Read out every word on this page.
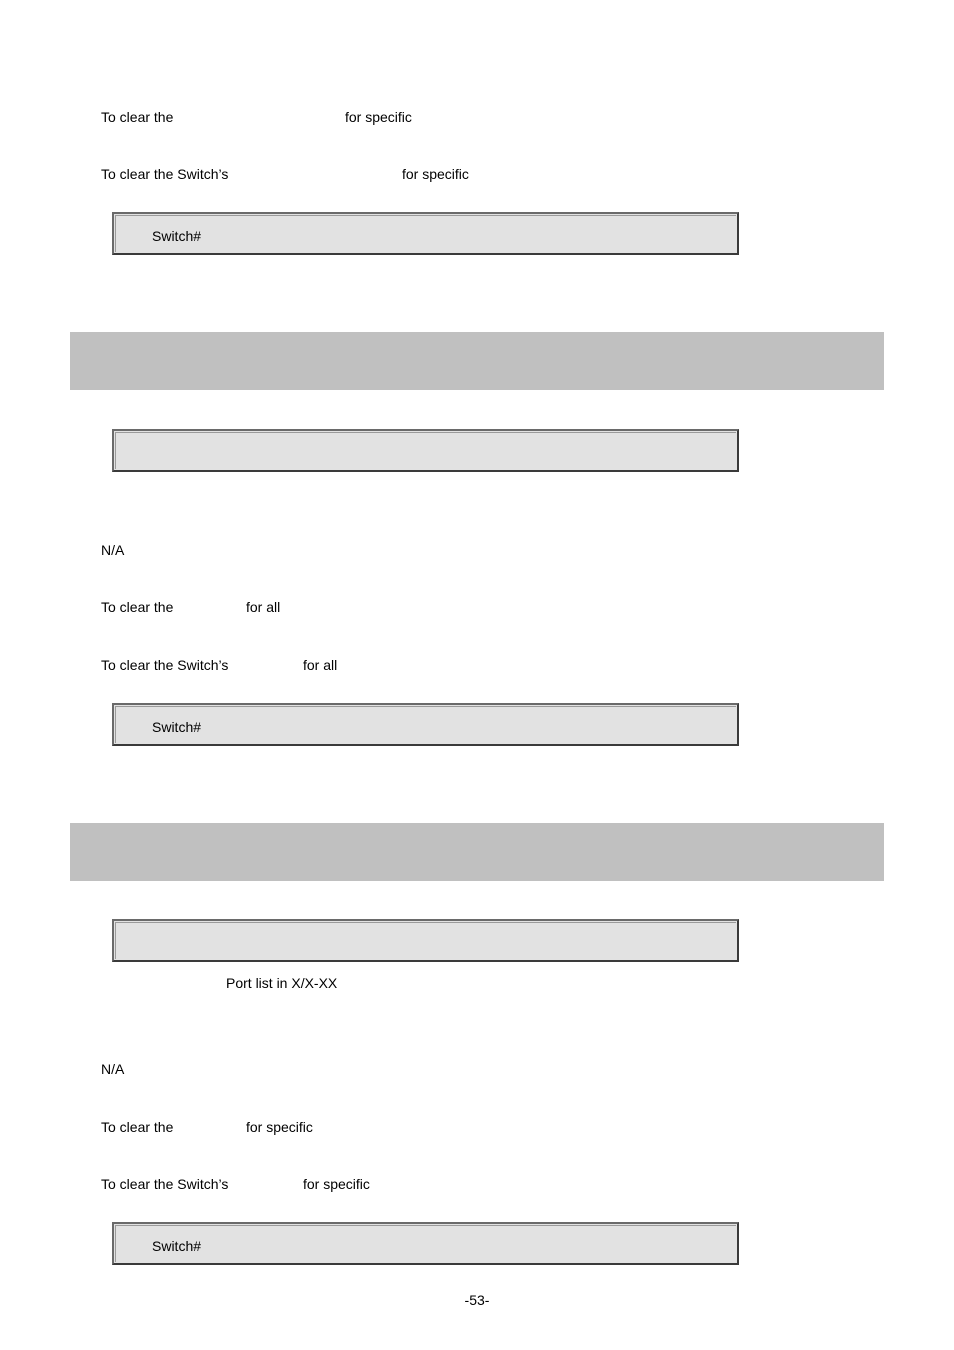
To clear the	for specific
To clear the Switch’s	for specific
Switch#
N/A
To clear the	for all
To clear the Switch’s	for all
Switch#
Port list in X/X-XX
N/A
To clear the	for specific
To clear the Switch’s	for specific
Switch#
-53-
